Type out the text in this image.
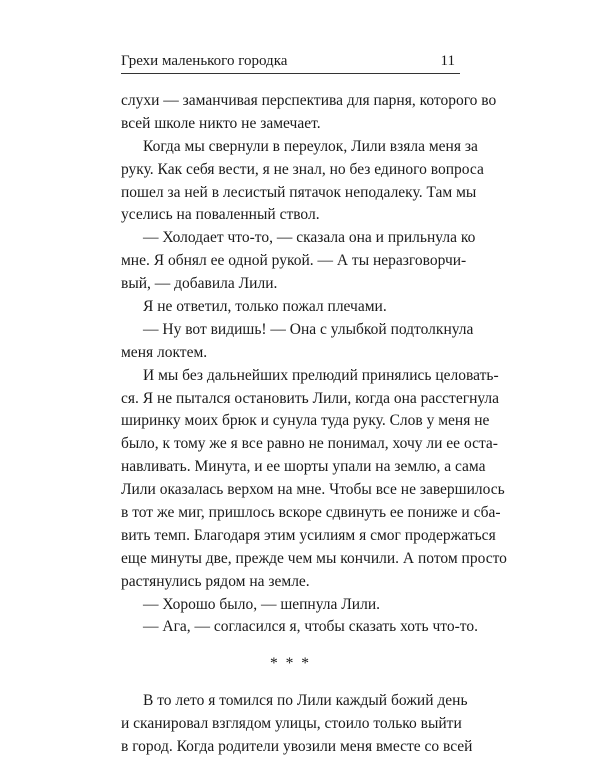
Грехи маленького городка	11
слухи — заманчивая перспектива для парня, которого во
всей школе никто не замечает.
Когда мы свернули в переулок, Лили взяла меня за
руку. Как себя вести, я не знал, но без единого вопроса
пошел за ней в лесистый пятачок неподалеку. Там мы
уселись на поваленный ствол.
— Холодает что-то, — сказала она и прильнула ко
мне. Я обнял ее одной рукой. — А ты неразговорчи-
вый, — добавила Лили.
Я не ответил, только пожал плечами.
— Ну вот видишь! — Она с улыбкой подтолкнула
меня локтем.
И мы без дальнейших прелюдий принялись целовать-
ся. Я не пытался остановить Лили, когда она расстегнула
ширинку моих брюк и сунула туда руку. Слов у меня не
было, к тому же я все равно не понимал, хочу ли ее оста-
навливать. Минута, и ее шорты упали на землю, а сама
Лили оказалась верхом на мне. Чтобы все не завершилось
в тот же миг, пришлось вскоре сдвинуть ее пониже и сба-
вить темп. Благодаря этим усилиям я смог продержаться
еще минуты две, прежде чем мы кончили. А потом просто
растянулись рядом на земле.
— Хорошо было, — шепнула Лили.
— Ага, — согласился я, чтобы сказать хоть что-то.
* * *
В то лето я томился по Лили каждый божий день
и сканировал взглядом улицы, стоило только выйти
в город. Когда родители увозили меня вместе со всей
